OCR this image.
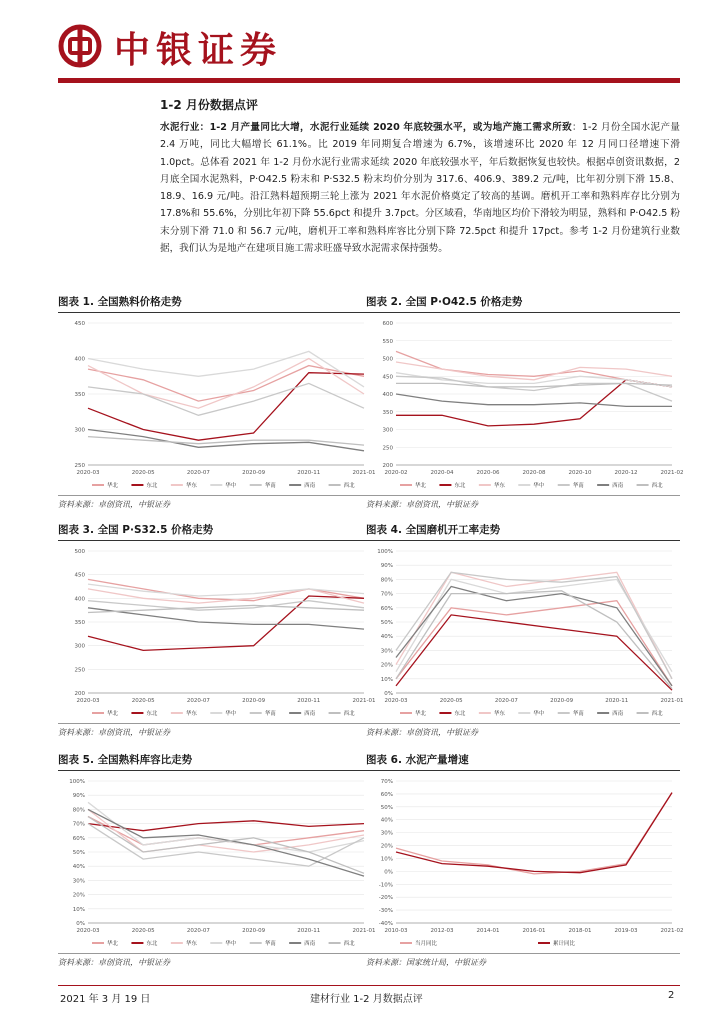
中银证券
1-2 月份数据点评
水泥行业：1-2 月产量同比大增，水泥行业延续 2020 年底较强水平，或为地产施工需求所致：1-2 月份全国水泥产量 2.4 万吨，同比大幅增长 61.1%。比 2019 年同期复合增速为 6.7%，该增速环比 2020 年 12 月同口径增速下滑 1.0pct。总体看 2021 年 1-2 月份水泥行业需求延续 2020 年底较强水平，年后数据恢复也较快。根据卓创资讯数据，2 月底全国水泥熟料，P·O42.5 粉末和 P·S32.5 粉末均价分别为 317.6、406.9、389.2 元/吨，比年初分别下滑 15.8、18.9、16.9 元/吨。沿江熟料超预期三轮上涨为 2021 年水泥价格奠定了较高的基调。磨机开工率和熟料库存比分别为 17.8%和 55.6%，分别比年初下降 55.6pct 和提升 3.7pct。分区域看，华南地区均价下滑较为明显，熟料和 P·O42.5 粉末分别下滑 71.0 和 56.7 元/吨，磨机开工率和熟料库容比分别下降 72.5pct 和提升 17pct。参考 1-2 月份建筑行业数据，我们认为是地产在建项目施工需求旺盛导致水泥需求保持强势。
图表 1. 全国熟料价格走势
450
400
350
300
250
2020-03	2020-05	2020-07	2020-09	2020-11	2021-01
华北	东北	华东	华中	华南	西南	西北
资料来源：卓创资讯，中银证券
图表 2. 全国 P·O42.5 价格走势
600
550
500
450
400
350
300
250
200
2020-02	2020-04	2020-06	2020-08	2020-10	2020-12	2021-02
华北	东北	华东	华中	华南	西南	西北
资料来源：卓创资讯，中银证券
图表 3. 全国 P·S32.5 价格走势
500
450
400
350
300
250
200
2020-03	2020-05	2020-07	2020-09	2020-11	2021-01
华北	东北	华东	华中	华南	西南	西北
资料来源：卓创资讯，中银证券
图表 4. 全国磨机开工率走势
100%
90%
80%
70%
60%
50%
40%
30%
20%
10%
0%
2020-03	2020-05	2020-07	2020-09	2020-11	2021-01
华北	东北	华东	华中	华南	西南	西北
资料来源：卓创资讯，中银证券
图表 5. 全国熟料库容比走势
100%
90%
80%
70%
60%
50%
40%
30%
20%
10%
0%
2020-03	2020-05	2020-07	2020-09	2020-11	2021-01
华北	东北	华东	华中	华南	西南	西北
资料来源：卓创资讯，中银证券
图表 6. 水泥产量增速
70%
60%
50%
40%
30%
20%
10%
0%
-10%
-20%
-30%
-40%
2010-03	2012-03	2014-01	2016-01	2018-01	2019-03	2021-02
当月同比	累计同比
资料来源：国家统计局，中银证券
2021 年 3 月 19 日	建材行业 1-2 月数据点评	2
